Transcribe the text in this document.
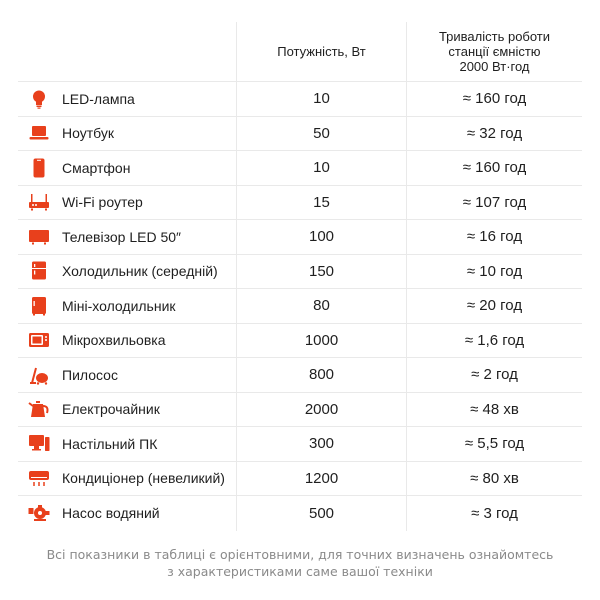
Потужність, Вт
Тривалість роботи
станції ємністю
2000 Вт·год
LED-лампа	10	≈ 160 год
Ноутбук	50	≈ 32 год
Смартфон	10	≈ 160 год
Wi-Fi роутер	15	≈ 107 год
Телевізор LED 50″	100	≈ 16 год
Холодильник (середній)	150	≈ 10 год
Міні-холодильник	80	≈ 20 год
Мікрохвильовка	1000	≈ 1,6 год
Пилосос	800	≈ 2 год
Електрочайник	2000	≈ 48 хв
Настільний ПК	300	≈ 5,5 год
Кондиціонер (невеликий)	1200	≈ 80 хв
Насос водяний	500	≈ 3 год
Всі показники в таблиці є орієнтовними, для точних визначень ознайомтесь
з характеристиками саме вашої техніки
